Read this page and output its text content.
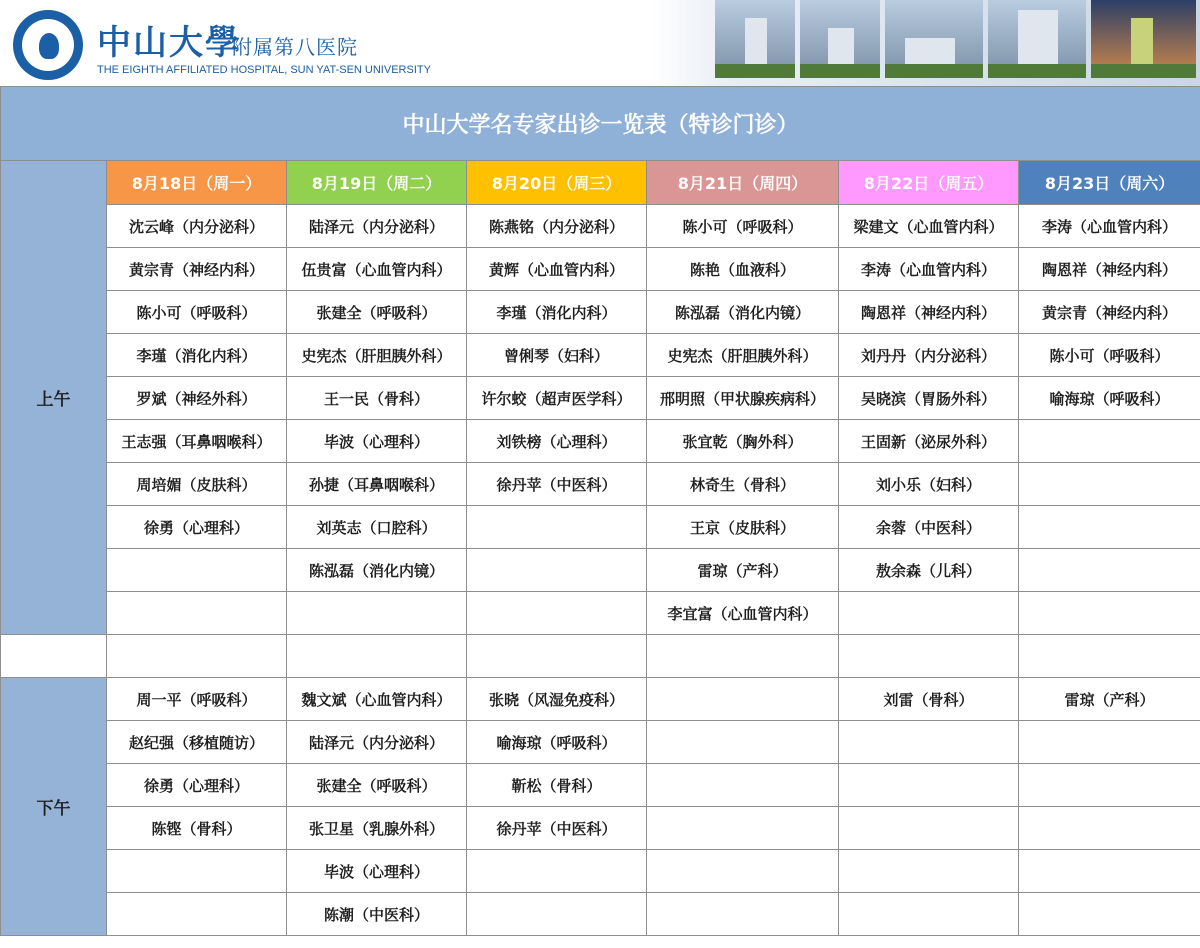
中山大學
附属第八医院
THE EIGHTH AFFILIATED HOSPITAL, SUN YAT-SEN UNIVERSITY
中山大学名专家出诊一览表（特诊门诊）						
上午	8月18日（周一）	8月19日（周二）	8月20日（周三）	8月21日（周四）	8月22日（周五）	8月23日（周六）
	沈云峰（内分泌科）	陆泽元（内分泌科）	陈燕铭（内分泌科）	陈小可（呼吸科）	梁建文（心血管内科）	李涛（心血管内科）
	黄宗青（神经内科）	伍贵富（心血管内科）	黄辉（心血管内科）	陈艳（血液科）	李涛（心血管内科）	陶恩祥（神经内科）
	陈小可（呼吸科）	张建全（呼吸科）	李瑾（消化内科）	陈泓磊（消化内镜）	陶恩祥（神经内科）	黄宗青（神经内科）
	李瑾（消化内科）	史宪杰（肝胆胰外科）	曾俐琴（妇科）	史宪杰（肝胆胰外科）	刘丹丹（内分泌科）	陈小可（呼吸科）
	罗斌（神经外科）	王一民（骨科）	许尔蛟（超声医学科）	邢明照（甲状腺疾病科）	吴晓滨（胃肠外科）	喻海琼（呼吸科）
	王志强（耳鼻咽喉科）	毕波（心理科）	刘铁榜（心理科）	张宜乾（胸外科）	王固新（泌尿外科）	
	周培媚（皮肤科）	孙捷（耳鼻咽喉科）	徐丹苹（中医科）	林奇生（骨科）	刘小乐（妇科）	
	徐勇（心理科）	刘英志（口腔科）		王京（皮肤科）	余蓉（中医科）	
		陈泓磊（消化内镜）		雷琼（产科）	敖余森（儿科）	
				李宜富（心血管内科）		

下午	周一平（呼吸科）	魏文斌（心血管内科）	张晓（风湿免疫科）		刘雷（骨科）	雷琼（产科）
	赵纪强（移植随访）	陆泽元（内分泌科）	喻海琼（呼吸科）			
	徐勇（心理科）	张建全（呼吸科）	靳松（骨科）			
	陈铿（骨科）	张卫星（乳腺外科）	徐丹苹（中医科）			
		毕波（心理科）				
		陈潮（中医科）				
